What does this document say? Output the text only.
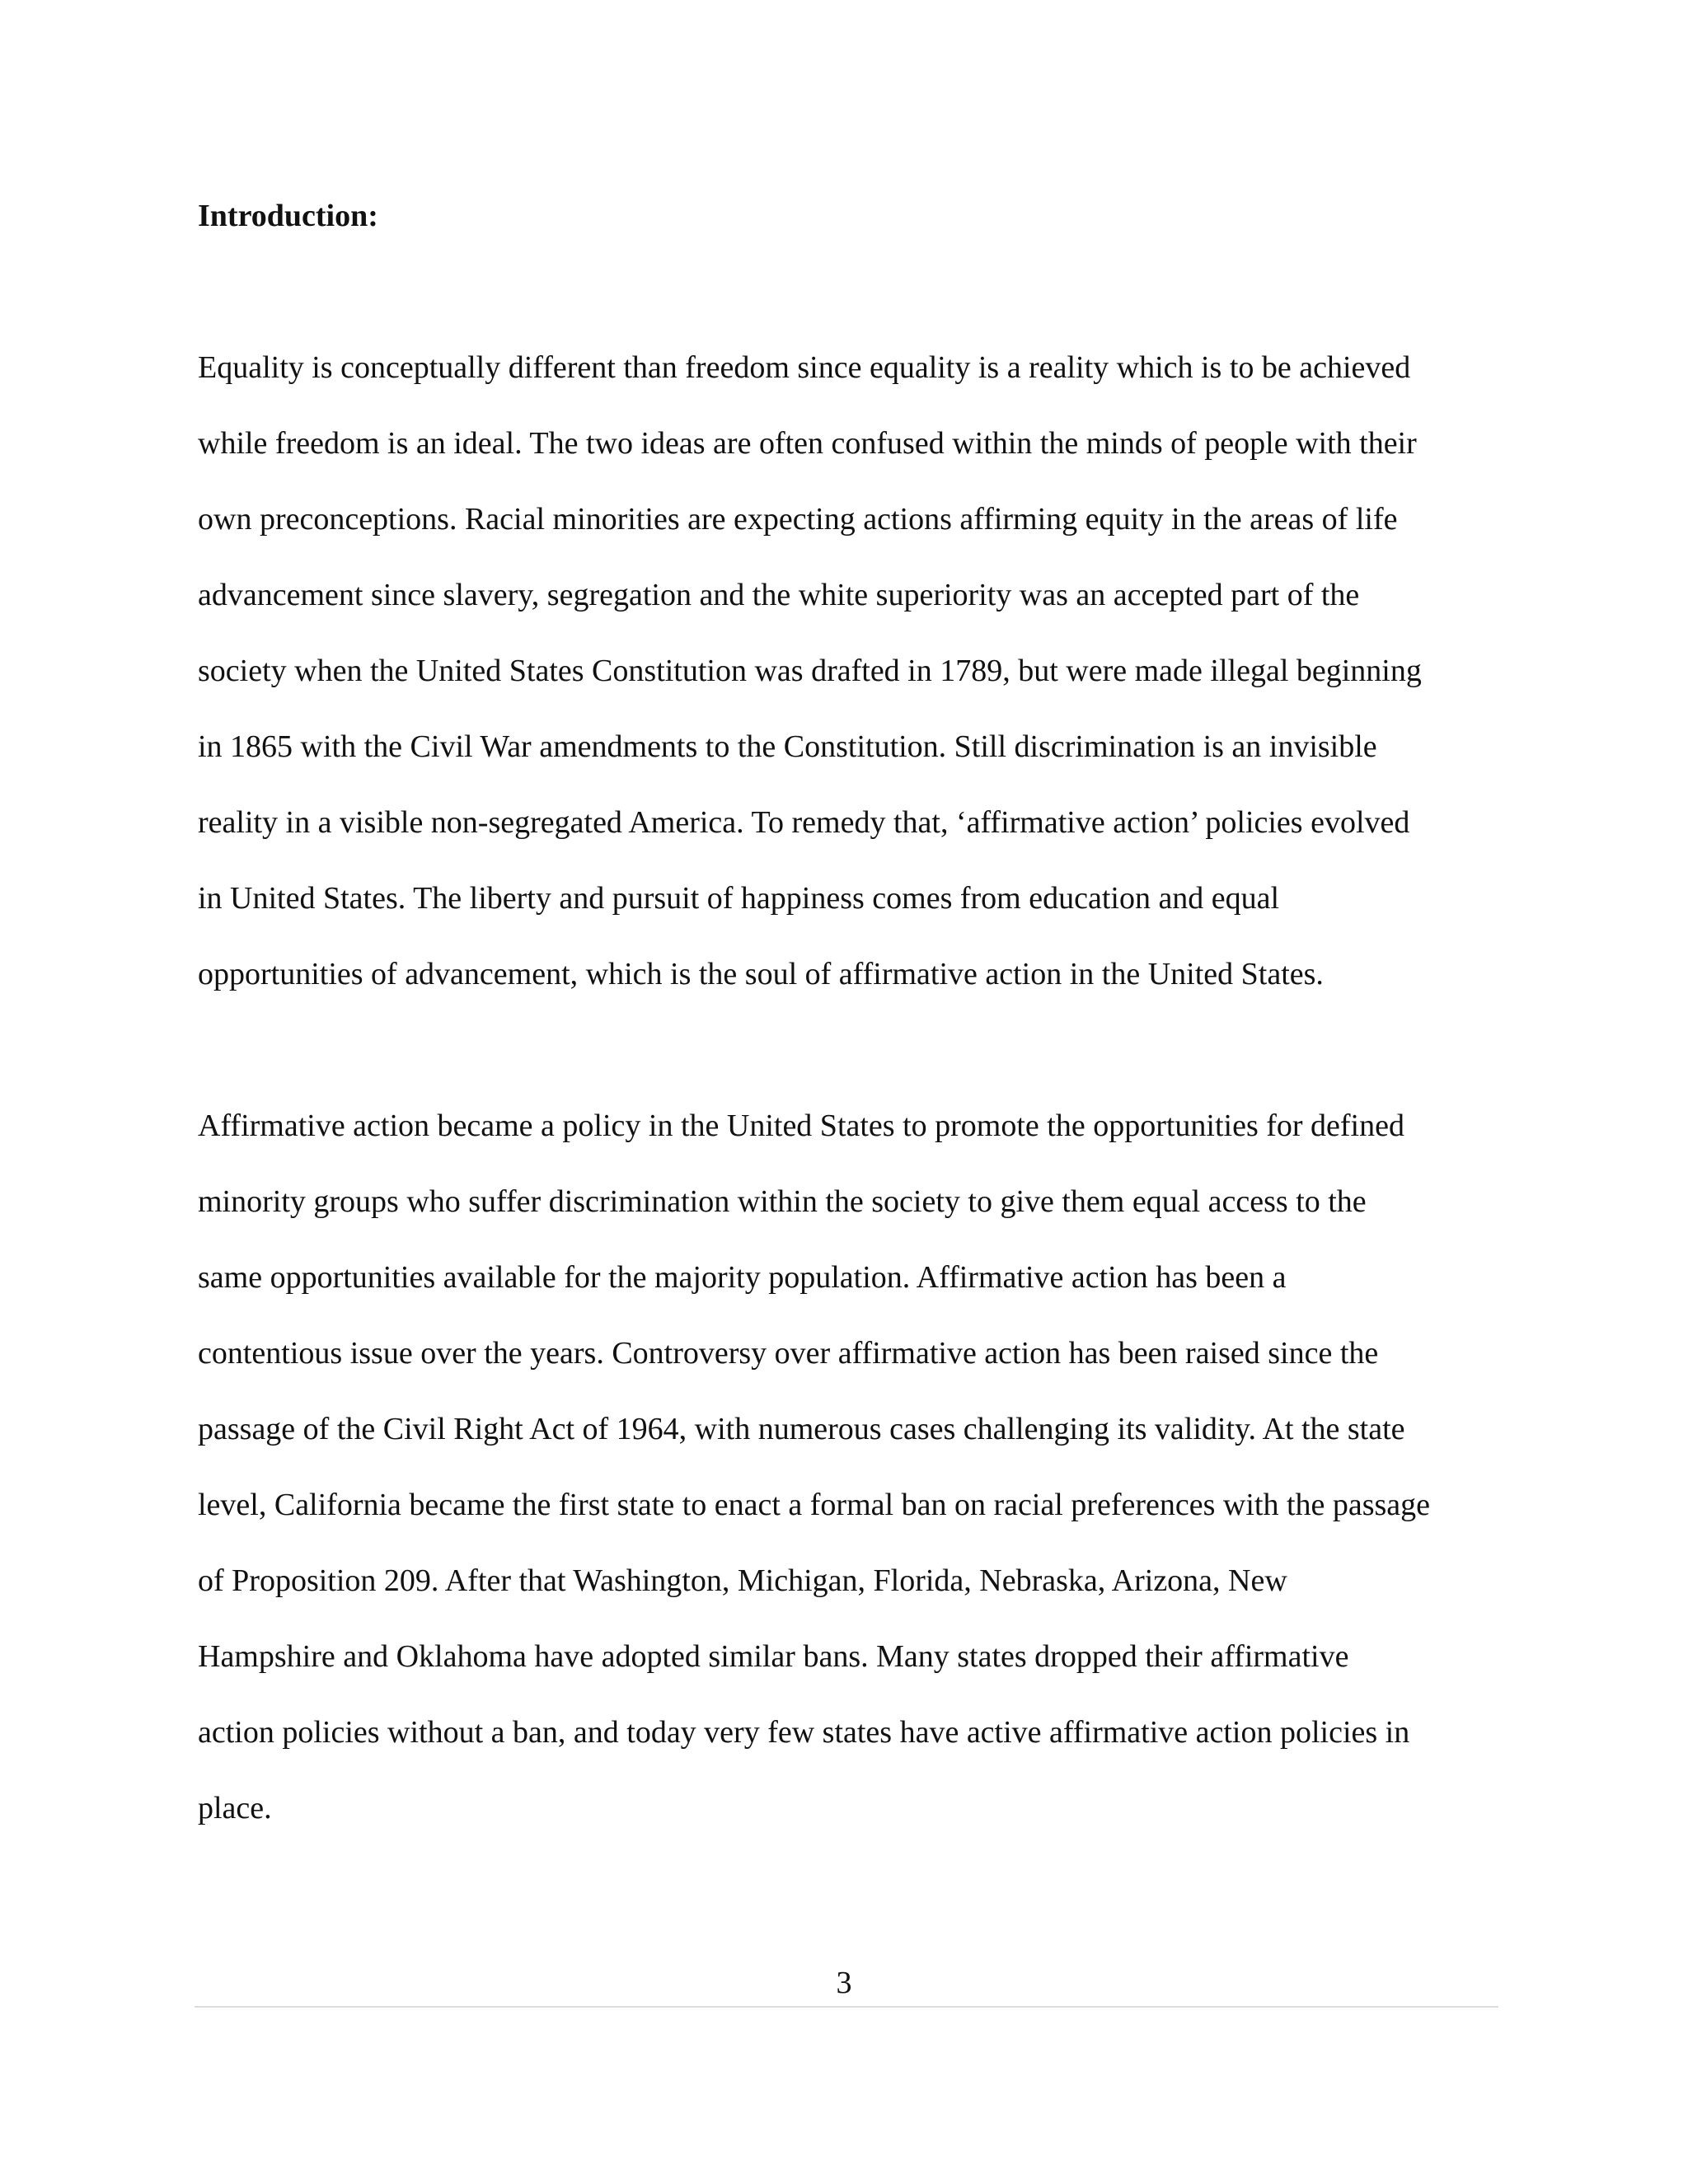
Introduction:
Equality is conceptually different than freedom since equality is a reality which is to be achieved
while freedom is an ideal. The two ideas are often confused within the minds of people with their
own preconceptions. Racial minorities are expecting actions affirming equity in the areas of life
advancement since slavery, segregation and the white superiority was an accepted part of the
society when the United States Constitution was drafted in 1789, but were made illegal beginning
in 1865 with the Civil War amendments to the Constitution. Still discrimination is an invisible
reality in a visible non-segregated America. To remedy that, ‘affirmative action’ policies evolved
in United States. The liberty and pursuit of happiness comes from education and equal
opportunities of advancement, which is the soul of affirmative action in the United States.
Affirmative action became a policy in the United States to promote the opportunities for defined
minority groups who suffer discrimination within the society to give them equal access to the
same opportunities available for the majority population. Affirmative action has been a
contentious issue over the years. Controversy over affirmative action has been raised since the
passage of the Civil Right Act of 1964, with numerous cases challenging its validity. At the state
level, California became the first state to enact a formal ban on racial preferences with the passage
of Proposition 209. After that Washington, Michigan, Florida, Nebraska, Arizona, New
Hampshire and Oklahoma have adopted similar bans. Many states dropped their affirmative
action policies without a ban, and today very few states have active affirmative action policies in
place.
3
